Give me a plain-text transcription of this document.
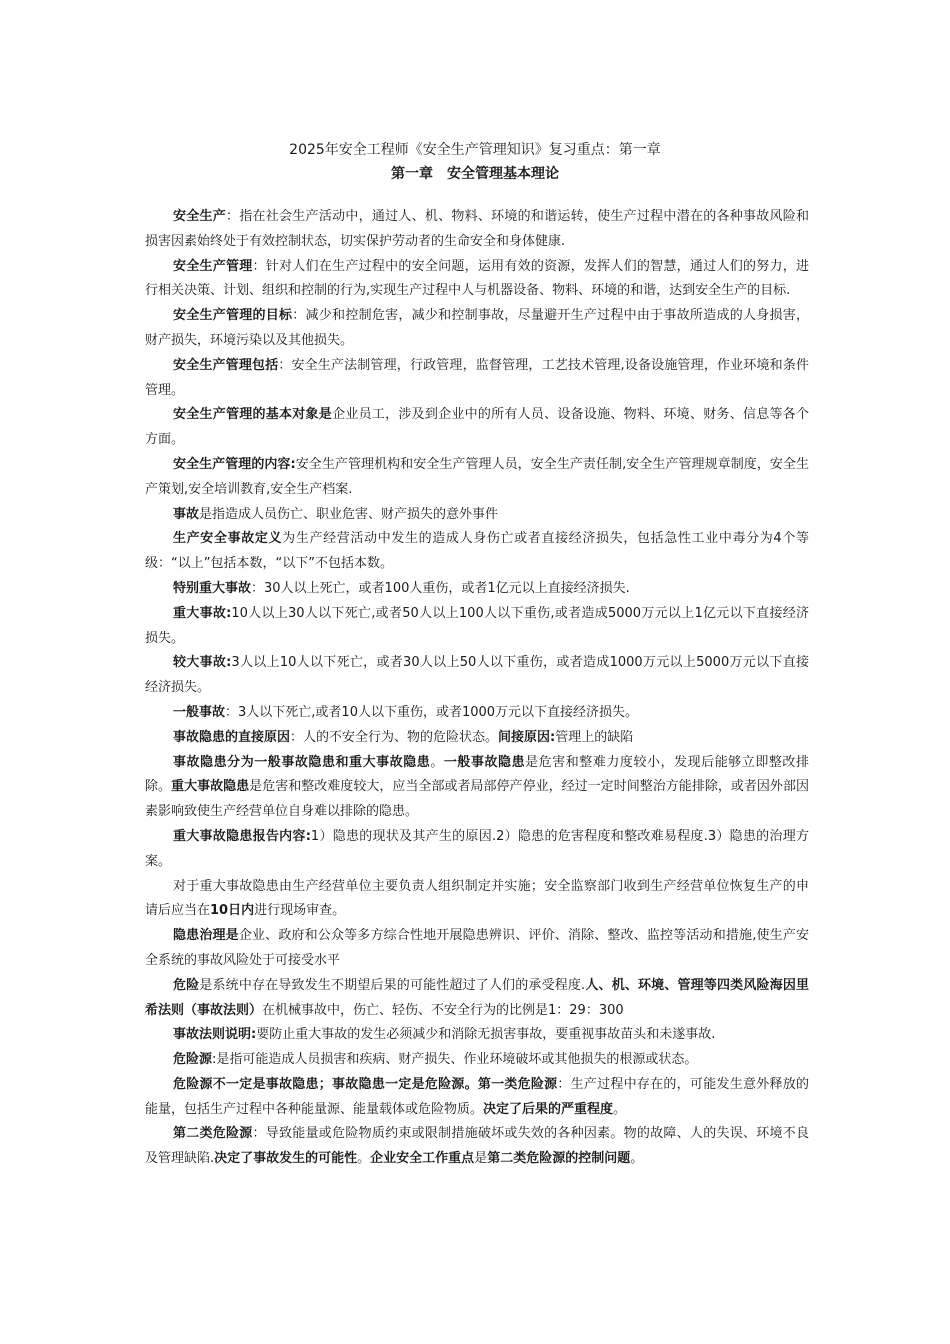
2025年安全工程师《安全生产管理知识》复习重点：第一章
第一章　安全管理基本理论

安全生产：指在社会生产活动中，通过人、机、物料、环境的和谐运转，使生产过程中潜在的各种事故风险和损害因素始终处于有效控制状态，切实保护劳动者的生命安全和身体健康.

安全生产管理：针对人们在生产过程中的安全问题，运用有效的资源，发挥人们的智慧，通过人们的努力，进行相关决策、计划、组织和控制的行为,实现生产过程中人与机器设备、物料、环境的和谐，达到安全生产的目标.

安全生产管理的目标：减少和控制危害，减少和控制事故，尽量避开生产过程中由于事故所造成的人身损害，财产损失，环境污染以及其他损失。

安全生产管理包括：安全生产法制管理，行政管理，监督管理，工艺技术管理,设备设施管理，作业环境和条件管理。

安全生产管理的基本对象是企业员工，涉及到企业中的所有人员、设备设施、物料、环境、财务、信息等各个方面。

安全生产管理的内容:安全生产管理机构和安全生产管理人员，安全生产责任制,安全生产管理规章制度，安全生产策划,安全培训教育,安全生产档案.

事故是指造成人员伤亡、职业危害、财产损失的意外事件

生产安全事故定义为生产经营活动中发生的造成人身伤亡或者直接经济损失，包括急性工业中毒分为4个等级：“以上”包括本数，“以下”不包括本数。

特别重大事故：30人以上死亡，或者100人重伤，或者1亿元以上直接经济损失.

重大事故:10人以上30人以下死亡,或者50人以上100人以下重伤,或者造成5000万元以上1亿元以下直接经济损失。

较大事故:3人以上10人以下死亡，或者30人以上50人以下重伤，或者造成1000万元以上5000万元以下直接经济损失。

一般事故：3人以下死亡,或者10人以下重伤，或者1000万元以下直接经济损失。

事故隐患的直接原因：人的不安全行为、物的危险状态。间接原因:管理上的缺陷

事故隐患分为一般事故隐患和重大事故隐患。一般事故隐患是危害和整难力度较小，发现后能够立即整改排除。重大事故隐患是危害和整改难度较大，应当全部或者局部停产停业，经过一定时间整治方能排除，或者因外部因素影响致使生产经营单位自身难以排除的隐患。

重大事故隐患报告内容:1）隐患的现状及其产生的原因.2）隐患的危害程度和整改难易程度.3）隐患的治理方案。

对于重大事故隐患由生产经营单位主要负责人组织制定并实施；安全监察部门收到生产经营单位恢复生产的申请后应当在10日内进行现场审查。

隐患治理是企业、政府和公众等多方综合性地开展隐患辨识、评价、消除、整改、监控等活动和措施,使生产安全系统的事故风险处于可接受水平

危险是系统中存在导致发生不期望后果的可能性超过了人们的承受程度.人、机、环境、管理等四类风险海因里希法则（事故法则）在机械事故中，伤亡、轻伤、不安全行为的比例是1：29：300

事故法则说明:要防止重大事故的发生必须减少和消除无损害事故，要重视事故苗头和未遂事故.

危险源:是指可能造成人员损害和疾病、财产损失、作业环境破坏或其他损失的根源或状态。

危险源不一定是事故隐患；事故隐患一定是危险源。第一类危险源：生产过程中存在的，可能发生意外释放的能量，包括生产过程中各种能量源、能量载体或危险物质。决定了后果的严重程度。

第二类危险源：导致能量或危险物质约束或限制措施破坏或失效的各种因素。物的故障、人的失误、环境不良及管理缺陷.决定了事故发生的可能性。企业安全工作重点是第二类危险源的控制问题。
